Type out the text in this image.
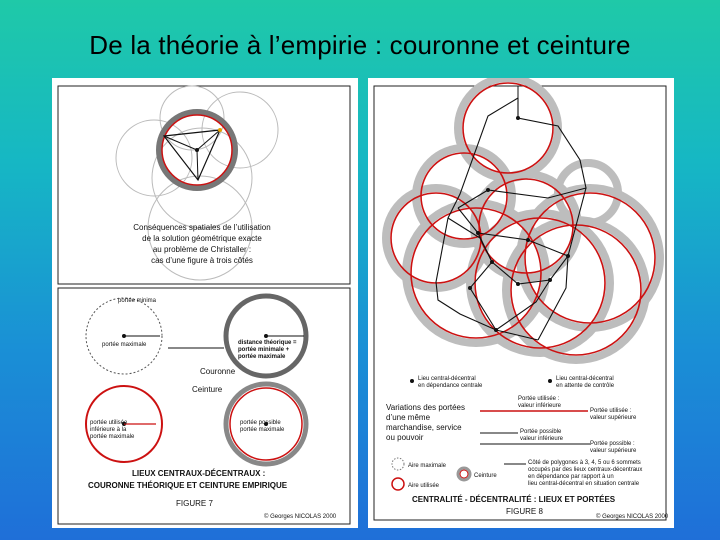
De la théorie à l’empirie : couronne et ceinture
Conséquences spatiales de l’utilisation
de la solution géométrique exacte
au problème de Christaller :
cas d’une figure à trois côtés
portée minima
portée maximale	distance théorique =
portée minimale +
portée maximale
Couronne
Ceinture
portée utilisée
inférieure à la
portée maximale
portée possible
portée maximale
LIEUX CENTRAUX-DÉCENTRAUX :
COURONNE THÉORIQUE ET CEINTURE EMPIRIQUE
FIGURE 7
© Georges NICOLAS 2000
Lieu central-décentral
en dépendance centrale
Lieu central-décentral
en attente de contrôle
Portée utilisée :
valeur inférieure
Portée utilisée :
valeur supérieure
Portée possible
valeur inférieure
Portée possible :
valeur supérieure
Variations des portées
d’une même
marchandise, service
ou pouvoir
Aire maximale
Aire utilisée
Ceinture
Côté de polygones à 3, 4, 5 ou 6 sommets
occupés par des lieux centraux-décentraux
en dépendance par rapport à un
lieu central-décentral en situation centrale
CENTRALITÉ - DÉCENTRALITÉ : LIEUX ET PORTÉES
FIGURE 8
© Georges NICOLAS 2000
